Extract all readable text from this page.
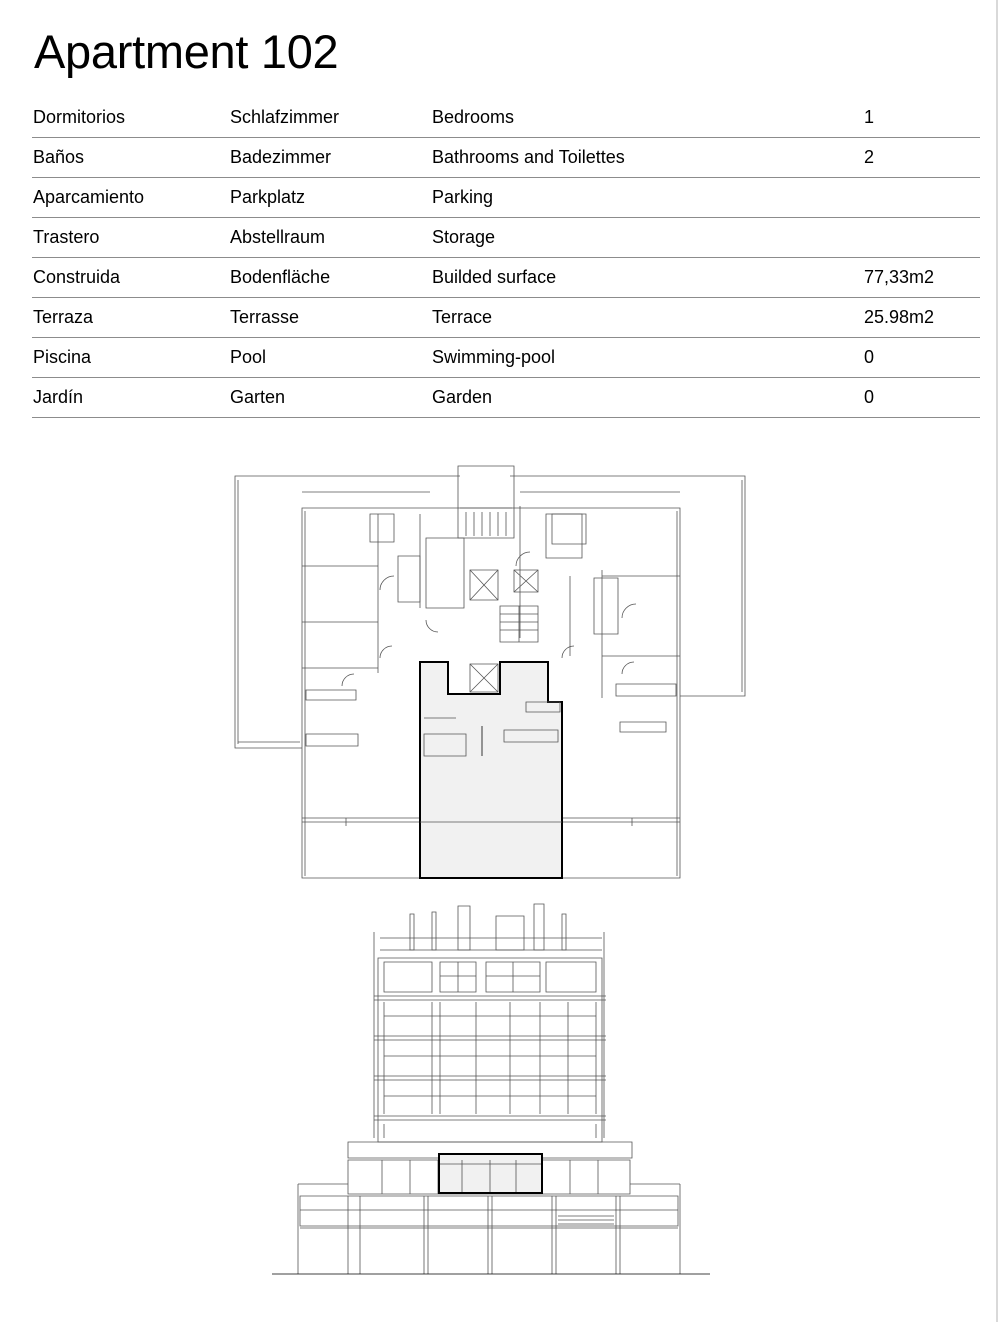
Apartment 102
Dormitorios	Schlafzimmer	Bedrooms	1
Baños	Badezimmer	Bathrooms and Toilettes	2
Aparcamiento	Parkplatz	Parking
Trastero	Abstellraum	Storage
Construida	Bodenfläche	Builded surface	77,33m2
Terraza	Terrasse	Terrace	25.98m2
Piscina	Pool	Swimming-pool	0
Jardín	Garten	Garden	0
